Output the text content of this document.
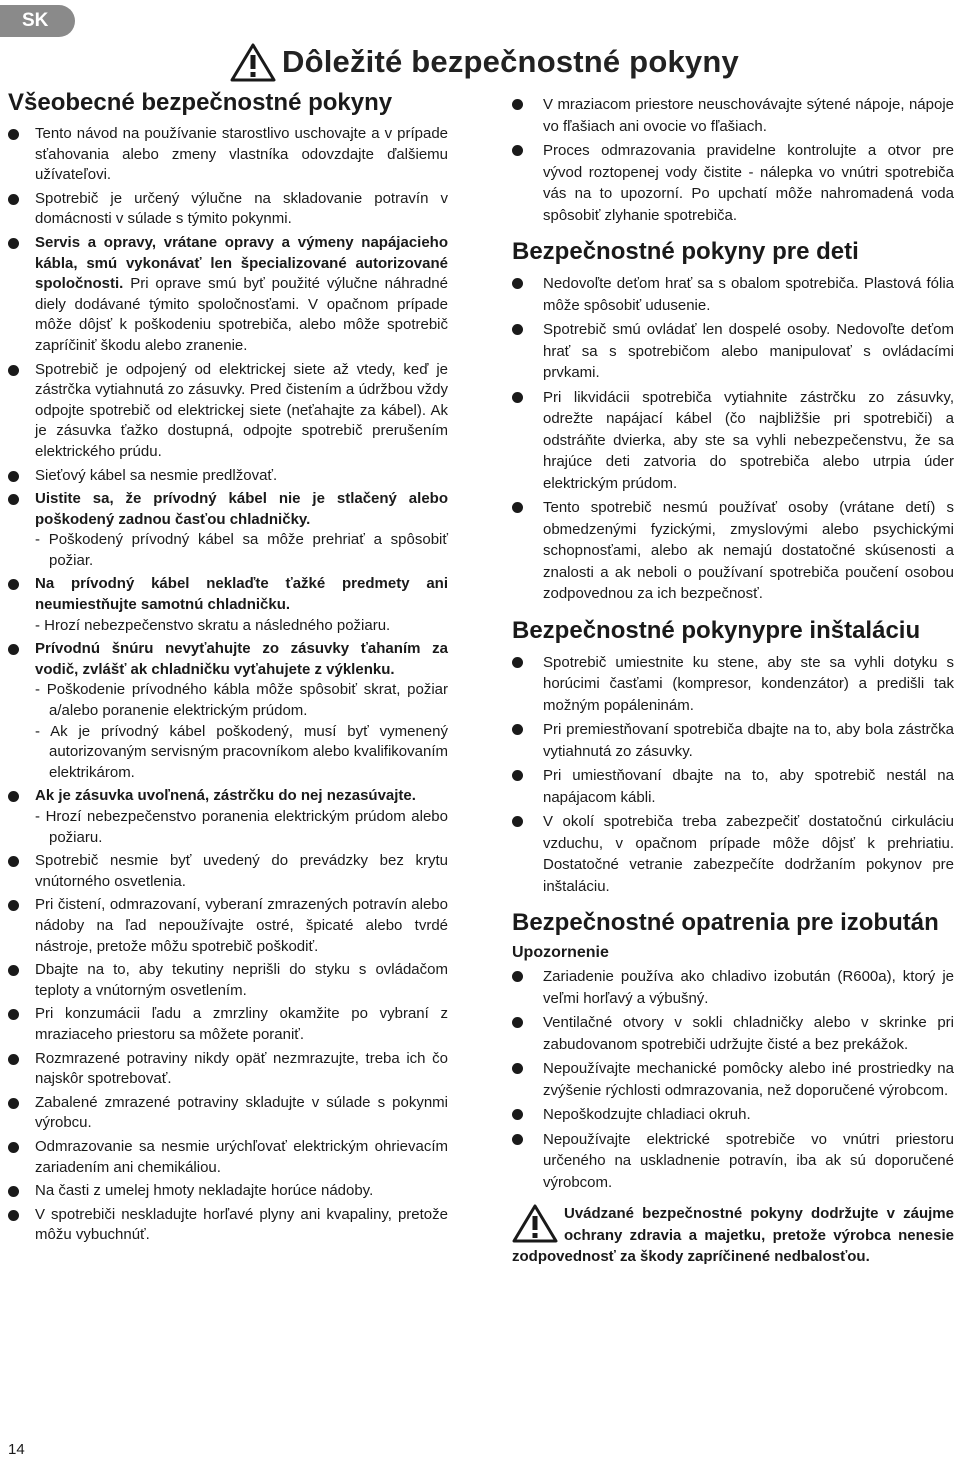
SK
Dôležité bezpečnostné pokyny
Všeobecné bezpečnostné pokyny
Tento návod na používanie starostlivo uschovajte a v prípade sťahovania alebo zmeny vlastníka odovzdajte ďalšiemu užívateľovi.
Spotrebič je určený výlučne na skladovanie potravín v domácnosti v súlade s týmito pokynmi.
Servis a opravy, vrátane opravy a výmeny napájacieho kábla, smú vykonávať len špecializované autorizované spoločnosti. Pri oprave smú byť použité výlučne náhradné diely dodávané týmito spoločnosťami. V opačnom prípade môže dôjsť k poškodeniu spotrebiča, alebo môže spotrebič zapríčiniť škodu alebo zranenie.
Spotrebič je odpojený od elektrickej siete až vtedy, keď je zástrčka vytiahnutá zo zásuvky. Pred čistením a údržbou vždy odpojte spotrebič od elektrickej siete (neťahajte za kábel). Ak je zásuvka ťažko dostupná, odpojte spotrebič prerušením elektrického prúdu.
Sieťový kábel sa nesmie predlžovať.
Uistite sa, že prívodný kábel nie je stlačený alebo poškodený zadnou časťou chladničky.
- Poškodený prívodný kábel sa môže prehriať a spôsobiť požiar.
Na prívodný kábel neklaďte ťažké predmety ani neumiestňujte samotnú chladničku.
- Hrozí nebezpečenstvo skratu a následného požiaru.
Prívodnú šnúru nevyťahujte zo zásuvky ťahaním za vodič, zvlášť ak chladničku vyťahujete z výklenku.
- Poškodenie prívodného kábla môže spôsobiť skrat, požiar a/alebo poranenie elektrickým prúdom.
- Ak je prívodný kábel poškodený, musí byť vymenený autorizovaným servisným pracovníkom alebo kvalifikovaním elektrikárom.
Ak je zásuvka uvoľnená, zástrčku do nej nezasúvajte.
- Hrozí nebezpečenstvo poranenia elektrickým prúdom alebo požiaru.
Spotrebič nesmie byť uvedený do prevádzky bez krytu vnútorného osvetlenia.
Pri čistení, odmrazovaní, vyberaní zmrazených potravín alebo nádoby na ľad nepoužívajte ostré, špicaté alebo tvrdé nástroje, pretože môžu spotrebič poškodiť.
Dbajte na to, aby tekutiny neprišli do styku s ovládačom teploty a vnútorným osvetlením.
Pri konzumácii ľadu a zmrzliny okamžite po vybraní z mraziaceho priestoru sa môžete poraniť.
Rozmrazené potraviny nikdy opäť nezmrazujte, treba ich čo najskôr spotrebovať.
Zabalené zmrazené potraviny skladujte v súlade s pokynmi výrobcu.
Odmrazovanie sa nesmie urýchľovať elektrickým ohrievacím zariadením ani chemikáliou.
Na časti z umelej hmoty nekladajte horúce nádoby.
V spotrebiči neskladujte horľavé plyny ani kvapaliny, pretože môžu vybuchnúť.
V mraziacom priestore neuschovávajte sýtené nápoje, nápoje vo fľašiach ani ovocie vo fľašiach.
Proces odmrazovania pravidelne kontrolujte a otvor pre vývod roztopenej vody čistite - nálepka vo vnútri spotrebiča vás na to upozorní. Po upchatí môže nahromadená voda spôsobiť zlyhanie spotrebiča.
Bezpečnostné pokyny pre deti
Nedovoľte deťom hrať sa s obalom spotrebiča. Plastová fólia môže spôsobiť udusenie.
Spotrebič smú ovládať len dospelé osoby. Nedovoľte deťom hrať sa s spotrebičom alebo manipulovať s ovládacími prvkami.
Pri likvidácii spotrebiča vytiahnite zástrčku zo zásuvky, odrežte napájací kábel (čo najbližšie pri spotrebiči) a odstráňte dvierka, aby ste sa vyhli nebezpečenstvu, že sa hrajúce deti zatvoria do spotrebiča alebo utrpia úder elektrickým prúdom.
Tento spotrebič nesmú používať osoby (vrátane detí) s obmedzenými fyzickými, zmyslovými alebo psychickými schopnosťami, alebo ak nemajú dostatočné skúsenosti a znalosti a ak neboli o používaní spotrebiča poučení osobou zodpovednou za ich bezpečnosť.
Bezpečnostné pokynypre inštaláciu
Spotrebič umiestnite ku stene, aby ste sa vyhli dotyku s horúcimi časťami (kompresor, kondenzátor) a predišli tak možným popáleninám.
Pri premiestňovaní spotrebiča dbajte na to, aby bola zástrčka vytiahnutá zo zásuvky.
Pri umiestňovaní dbajte na to, aby spotrebič nestál na napájacom kábli.
V okolí spotrebiča treba zabezpečiť dostatočnú cirkuláciu vzduchu, v opačnom prípade môže dôjsť k prehriatiu. Dostatočné vetranie zabezpečíte dodržaním pokynov pre inštaláciu.
Bezpečnostné opatrenia pre izobután
Upozornenie
Zariadenie používa ako chladivo izobután (R600a), ktorý je veľmi horľavý a výbušný.
Ventilačné otvory v sokli chladničky alebo v skrinke pri zabudovanom spotrebiči udržujte čisté a bez prekážok.
Nepoužívajte mechanické pomôcky alebo iné prostriedky na zvýšenie rýchlosti odmrazovania, než doporučené výrobcom.
Nepoškodzujte chladiaci okruh.
Nepoužívajte elektrické spotrebiče vo vnútri priestoru určeného na uskladnenie potravín, iba ak sú doporučené výrobcom.
Uvádzané bezpečnostné pokyny dodržujte v záujme ochrany zdravia a majetku, pretože výrobca nenesie zodpovednosť za škody zapríčinené nedbalosťou.
14
